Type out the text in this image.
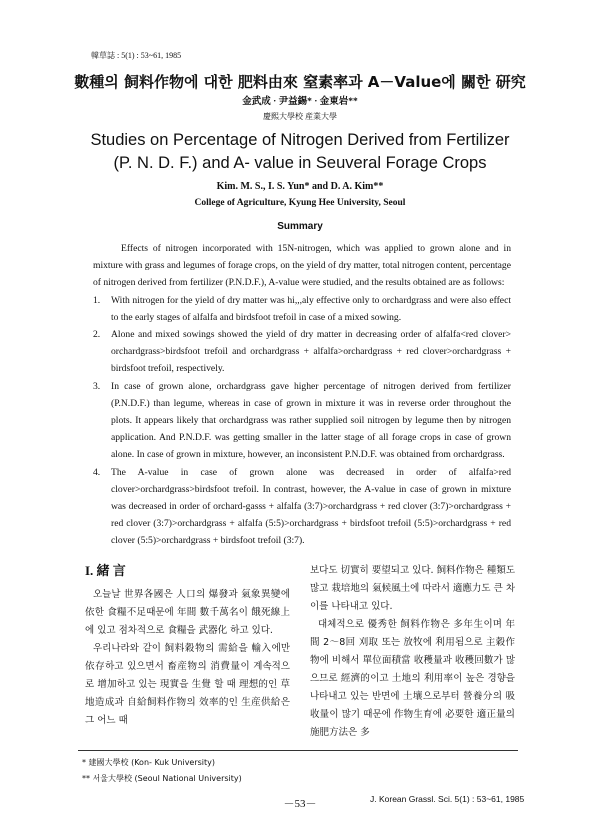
韓草誌 : 5(1) : 53~61, 1985
數種의 飼料作物에 대한 肥料由來 窒素率과 A－Value에 關한 研究
金武成 · 尹益錫* · 金東岩**
慶熙大學校 産業大學
Studies on Percentage of Nitrogen Derived from Fertilizer
(P. N. D. F.) and A- value in Seuveral Forage Crops
Kim. M. S., I. S. Yun* and D. A. Kim**
College of Agriculture, Kyung Hee University, Seoul
Summary

Effects of nitrogen incorporated with 15N-nitrogen, which was applied to grown alone and in mixture with grass and legumes of forage crops, on the yield of dry matter, total nitrogen content, percentage of nitrogen derived from fertilizer (P.N.D.F.), A-value were studied, and the results obtained are as follows:

1.	With nitrogen for the yield of dry matter was hi,,,aly effective only to orchardgrass and were also effect to the early stages of alfalfa and birdsfoot trefoil in case of a mixed sowing.
2.	Alone and mixed sowings showed the yield of dry matter in decreasing order of alfalfa<red clover> orchardgrass>birdsfoot trefoil and orchardgrass + alfalfa>orchardgrass + red clover>orchardgrass + birdsfoot trefoil, respectively.
3.	In case of grown alone, orchardgrass gave higher percentage of nitrogen derived from fertilizer (P.N.D.F.) than legume, whereas in case of grown in mixture it was in reverse order throughout the plots. It appears likely that orchardgrass was rather supplied soil nitrogen by legume then by nitrogen application. And P.N.D.F. was getting smaller in the latter stage of all forage crops in case of grown alone. In case of grown in mixture, however, an inconsistent P.N.D.F. was obtained from orchardgrass.
4.	The A-value in case of grown alone was decreased in order of alfalfa>red clover>orchardgrass>birdsfoot trefoil. In contrast, however, the A-value in case of grown in mixture was decreased in order of orchard-gasss + alfalfa (3:7)>orchardgrass + red clover (3:7)>orchardgrass + red clover (3:7)>orchardgrass + alfalfa (5:5)>orchardgrass + birdsfoot trefoil (5:5)>orchardgrass + red clover (5:5)>orchardgrass + birdsfoot trefoil (3:7).
I. 緒 言

오늘날 世界各國은 人口의 爆發과 氣象異變에 依한 食糧不足때문에 年間 數千萬名이 餓死線上에 있고 점차적으로 食糧을 武器化 하고 있다.

우리나라와 같이 飼料穀物의 需給을 輸入에만 依存하고 있으면서 畜産物의 消費量이 계속적으로 增加하고 있는 現實을 生覺 할 때 理想的인 草地造成과 自給飼料作物의 效率的인 生産供給은 그 어느 때

보다도 切實히 要望되고 있다. 飼料作物은 種類도 많고 栽培地의 氣候風土에 따라서 適應力도 큰 차이를 나타내고 있다.

대체적으로 優秀한 飼料作物은 多年生이며 年間 2～8回 刈取 또는 放牧에 利用됨으로 主穀作物에 비해서 單位面積當 收穫量과 收穫回數가 많으므로 經濟的이고 土地의 利用率이 높은 경향을 나타내고 있는 반면에 土壤으로부터 營養分의 吸收量이 많기 때문에 作物生育에 必要한 適正量의 施肥方法은 多

* 建國大學校 (Kon- Kuk University)
** 서울大學校 (Seoul National University)
－53－	J. Korean Grassl. Sci. 5(1) : 53~61, 1985
